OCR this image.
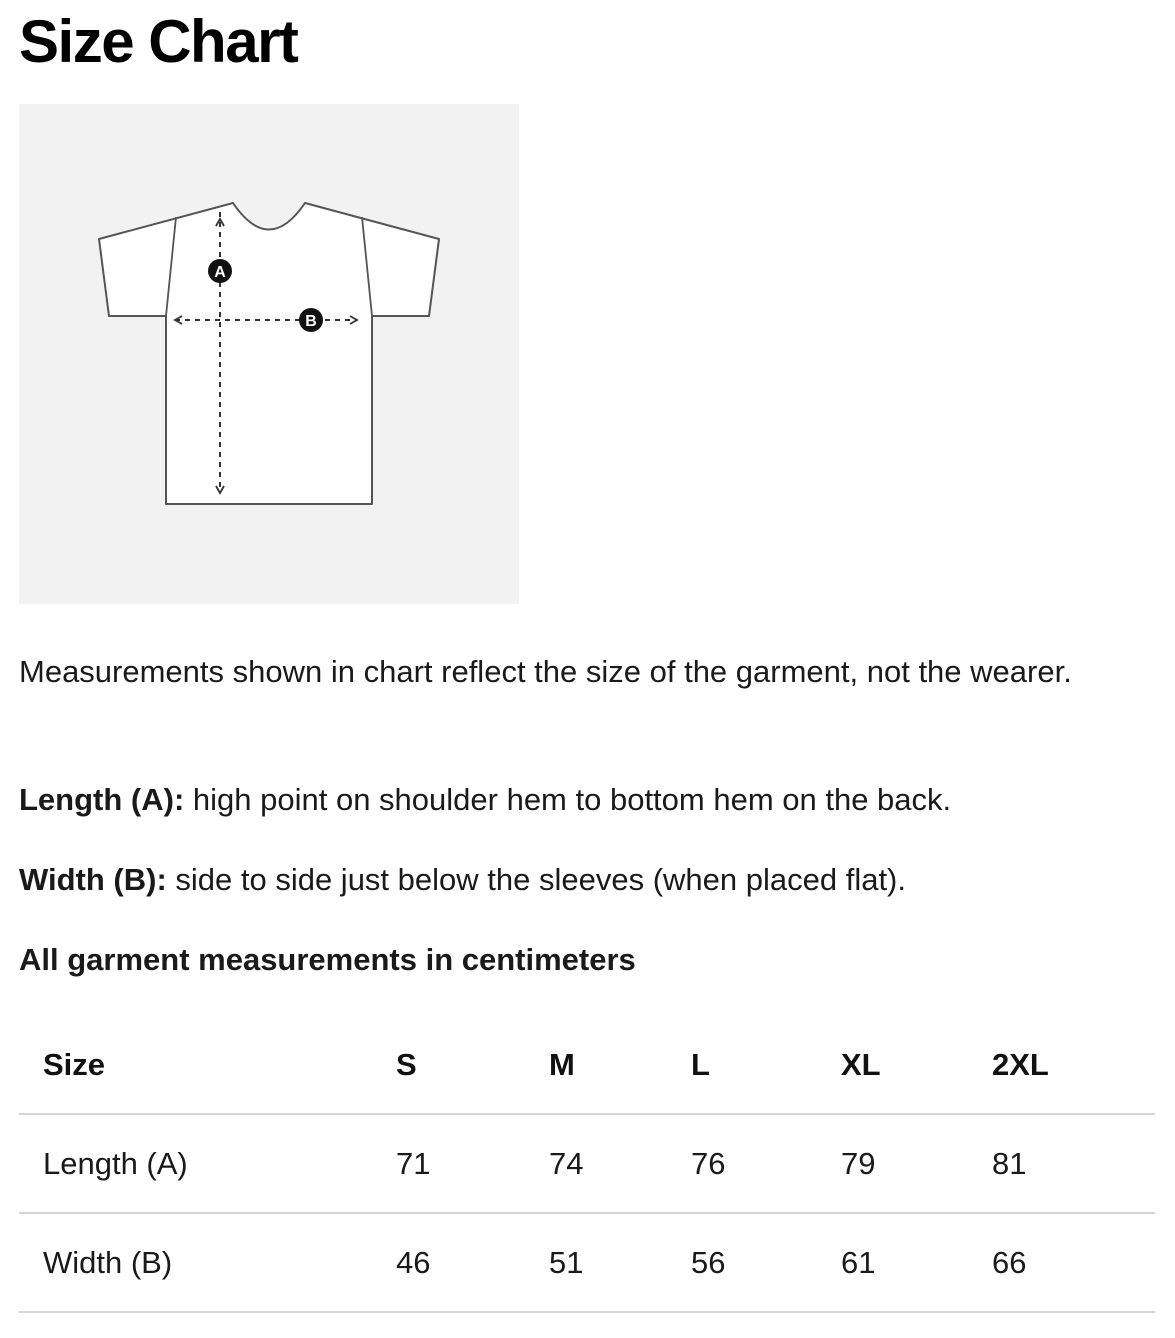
Size Chart
A
B

Measurements shown in chart reflect the size of the garment, not the wearer.

Length (A): high point on shoulder hem to bottom hem on the back.

Width (B): side to side just below the sleeves (when placed flat).

All garment measurements in centimeters

Size	S	M	L	XL	2XL
Length (A)	71	74	76	79	81
Width (B)	46	51	56	61	66
